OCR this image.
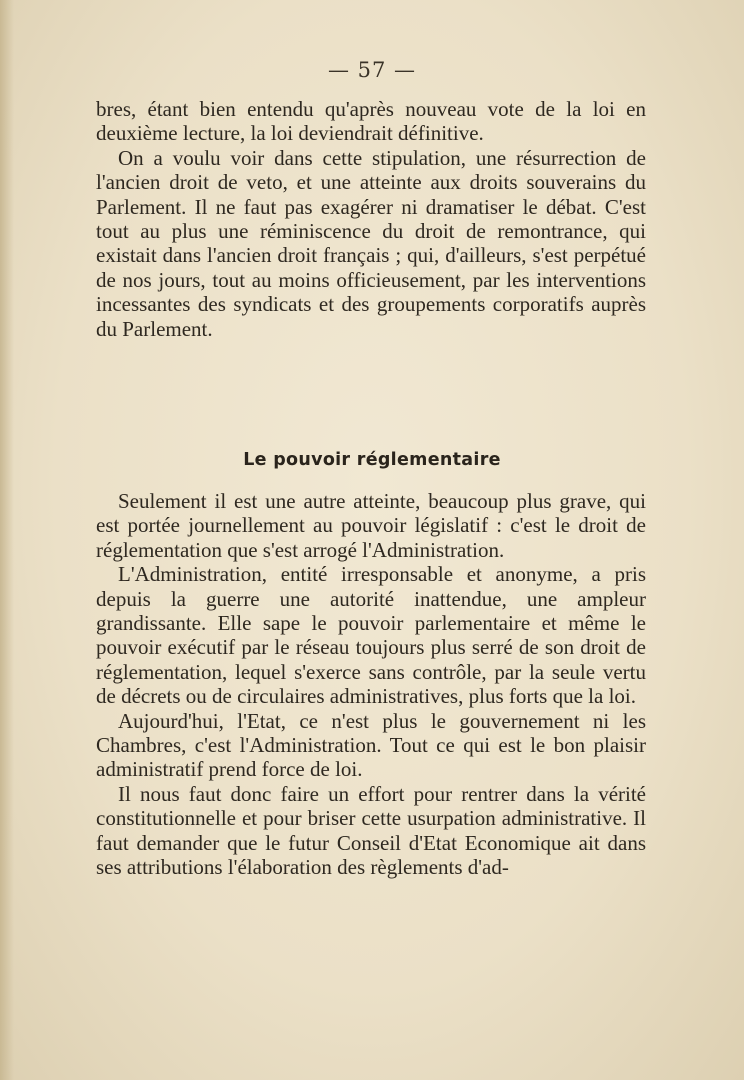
— 57 —

bres, étant bien entendu qu'après nouveau vote de la loi en deuxième lecture, la loi deviendrait définitive.

On a voulu voir dans cette stipulation, une résurrection de l'ancien droit de veto, et une atteinte aux droits souverains du Parlement. Il ne faut pas exagérer ni dramatiser le débat. C'est tout au plus une réminiscence du droit de remontrance, qui existait dans l'ancien droit français ; qui, d'ailleurs, s'est perpétué de nos jours, tout au moins officieusement, par les interventions incessantes des syndicats et des groupements corporatifs auprès du Parlement.

Le pouvoir réglementaire

Seulement il est une autre atteinte, beaucoup plus grave, qui est portée journellement au pouvoir législatif : c'est le droit de réglementation que s'est arrogé l'Administration.

L'Administration, entité irresponsable et anonyme, a pris depuis la guerre une autorité inattendue, une ampleur grandissante. Elle sape le pouvoir parlementaire et même le pouvoir exécutif par le réseau toujours plus serré de son droit de réglementation, lequel s'exerce sans contrôle, par la seule vertu de décrets ou de circulaires administratives, plus forts que la loi.

Aujourd'hui, l'Etat, ce n'est plus le gouvernement ni les Chambres, c'est l'Administration. Tout ce qui est le bon plaisir administratif prend force de loi.

Il nous faut donc faire un effort pour rentrer dans la vérité constitutionnelle et pour briser cette usurpation administrative. Il faut demander que le futur Conseil d'Etat Economique ait dans ses attributions l'élaboration des règlements d'ad-
